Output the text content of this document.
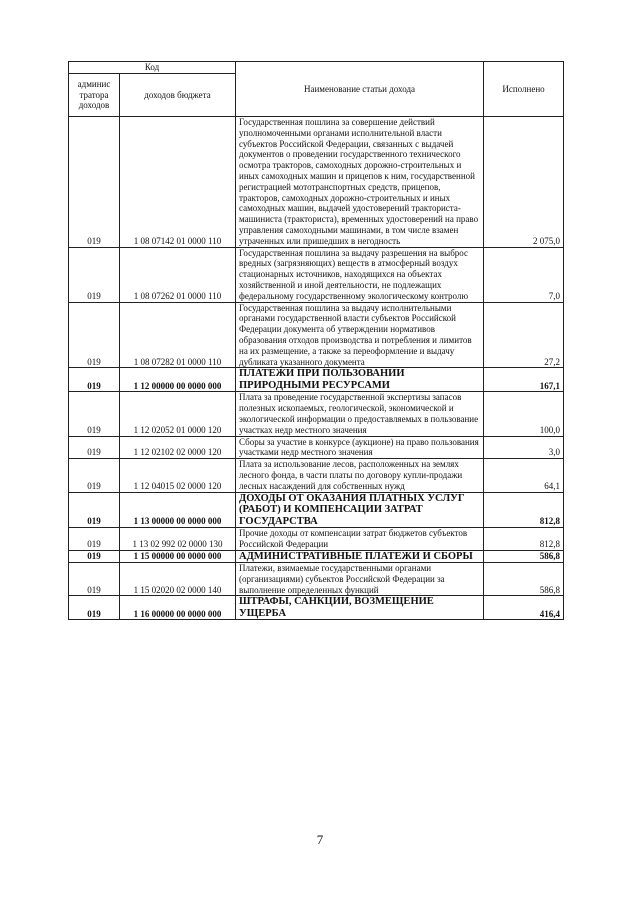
Код		Наименование статьи дохода	Исполнено
админис тратора доходов	доходов бюджета		
019	1 08 07142 01 0000 110	Государственная пошлина за совершение действий уполномоченными органами исполнительной власти субъектов Российской Федерации, связанных с выдачей документов о проведении государственного технического осмотра тракторов, самоходных дорожно-строительных и иных самоходных машин и прицепов к ним, государственной регистрацией мототранспортных средств, прицепов, тракторов, самоходных дорожно-строительных и иных самоходных машин, выдачей удостоверений тракториста-машиниста (тракториста), временных удостоверений на право управления самоходными машинами, в том числе взамен утраченных или пришедших в негодность	2 075,0
019	1 08 07262 01 0000 110	Государственная пошлина за выдачу разрешения на выброс вредных (загрязняющих) веществ в атмосферный воздух стационарных источников, находящихся на объектах хозяйственной и иной деятельности, не подлежащих федеральному государственному экологическому контролю	7,0
019	1 08 07282 01 0000 110	Государственная пошлина за выдачу исполнительными органами государственной власти субъектов Российской Федерации документа об утверждении нормативов образования отходов производства и потребления и лимитов на их размещение, а также за переоформление и выдачу дубликата указанного документа	27,2
019	1 12 00000 00 0000 000	ПЛАТЕЖИ ПРИ ПОЛЬЗОВАНИИ ПРИРОДНЫМИ РЕСУРСАМИ	167,1
019	1 12 02052 01 0000 120	Плата за проведение государственной экспертизы запасов полезных ископаемых, геологической, экономической и экологической информации о предоставляемых в пользование участках недр местного значения	100,0
019	1 12 02102 02 0000 120	Сборы за участие в конкурсе (аукционе) на право пользования участками недр местного значения	3,0
019	1 12 04015 02 0000 120	Плата за использование лесов, расположенных на землях лесного фонда, в части платы по договору купли-продажи лесных насаждений для собственных нужд	64,1
019	1 13 00000 00 0000 000	ДОХОДЫ ОТ ОКАЗАНИЯ ПЛАТНЫХ УСЛУГ (РАБОТ) И КОМПЕНСАЦИИ ЗАТРАТ ГОСУДАРСТВА	812,8
019	1 13 02 992 02 0000 130	Прочие доходы от компенсации затрат бюджетов субъектов Российской Федерации	812,8
019	1 15 00000 00 0000 000	АДМИНИСТРАТИВНЫЕ ПЛАТЕЖИ И СБОРЫ	586,8
019	1 15 02020 02 0000 140	Платежи, взимаемые государственными органами (организациями) субъектов Российской Федерации за выполнение определенных функций	586,8
019	1 16 00000 00 0000 000	ШТРАФЫ, САНКЦИИ, ВОЗМЕЩЕНИЕ УЩЕРБА	416,4
7
